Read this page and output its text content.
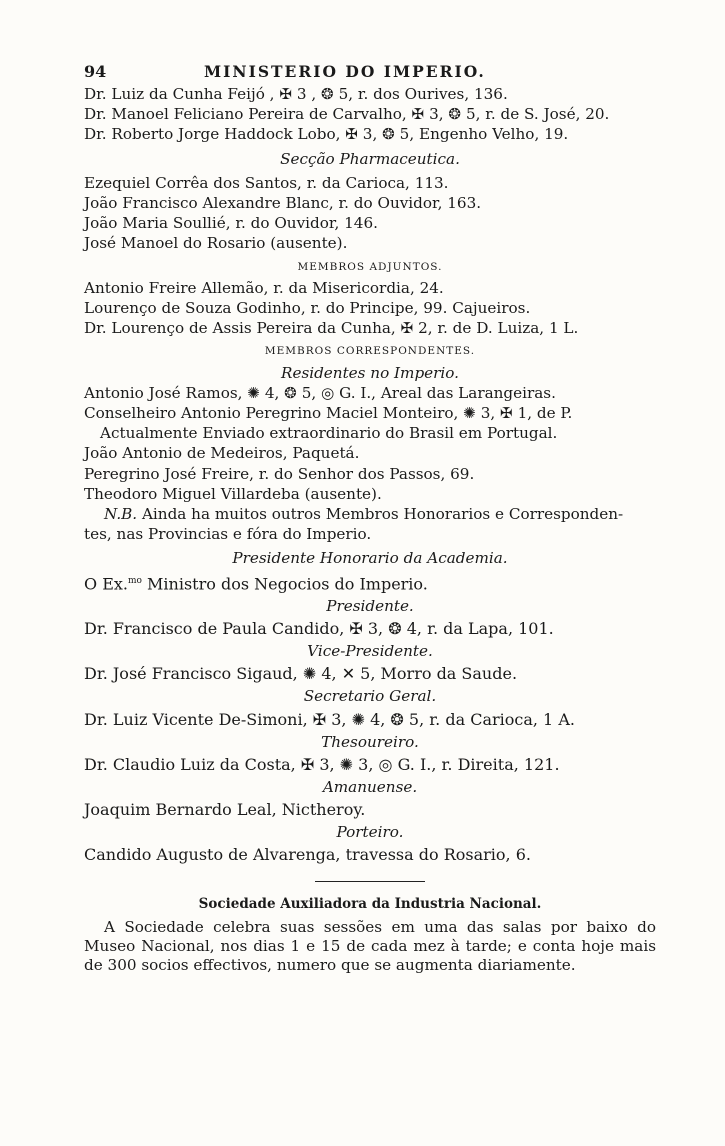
94	MINISTERIO DO IMPERIO.
Dr. Luiz da Cunha Feijó , ✠ 3 , ❂ 5, r. dos Ourives, 136.
Dr. Manoel Feliciano Pereira de Carvalho, ✠ 3, ❂ 5, r. de S. José, 20.
Dr. Roberto Jorge Haddock Lobo, ✠ 3, ❂ 5, Engenho Velho, 19.
Secção Pharmaceutica.
Ezequiel Corrêa dos Santos, r. da Carioca, 113.
João Francisco Alexandre Blanc, r. do Ouvidor, 163.
João Maria Soullié, r. do Ouvidor, 146.
José Manoel do Rosario (ausente).
MEMBROS ADJUNTOS.
Antonio Freire Allemão, r. da Misericordia, 24.
Lourenço de Souza Godinho, r. do Principe, 99. Cajueiros.
Dr. Lourenço de Assis Pereira da Cunha, ✠ 2, r. de D. Luiza, 1 L.
MEMBROS CORRESPONDENTES.
Residentes no Imperio.
Antonio José Ramos, ✺ 4, ❂ 5, ◎ G. I., Areal das Larangeiras.
Conselheiro Antonio Peregrino Maciel Monteiro, ✺ 3, ✠ 1, de P.
Actualmente Enviado extraordinario do Brasil em Portugal.
João Antonio de Medeiros, Paquetá.
Peregrino José Freire, r. do Senhor dos Passos, 69.
Theodoro Miguel Villardeba (ausente).
N.B. Ainda ha muitos outros Membros Honorarios e Corresponden-
tes, nas Provincias e fóra do Imperio.
Presidente Honorario da Academia.
O Ex.$^{mo}$ Ministro dos Negocios do Imperio.
Presidente.
Dr. Francisco de Paula Candido, ✠ 3, ❂ 4, r. da Lapa, 101.
Vice-Presidente.
Dr. José Francisco Sigaud, ✺ 4, ✕ 5, Morro da Saude.
Secretario Geral.
Dr. Luiz Vicente De-Simoni, ✠ 3, ✺ 4, ❂ 5, r. da Carioca, 1 A.
Thesoureiro.
Dr. Claudio Luiz da Costa, ✠ 3, ✺ 3, ◎ G. I., r. Direita, 121.
Amanuense.
Joaquim Bernardo Leal, Nictheroy.
Porteiro.
Candido Augusto de Alvarenga, travessa do Rosario, 6.
Sociedade Auxiliadora da Industria Nacional.
A Sociedade celebra suas sessões em uma das salas por baixo do Museo Nacional, nos dias 1 e 15 de cada mez à tarde; e conta hoje mais de 300 socios effectivos, numero que se augmenta diariamente.
